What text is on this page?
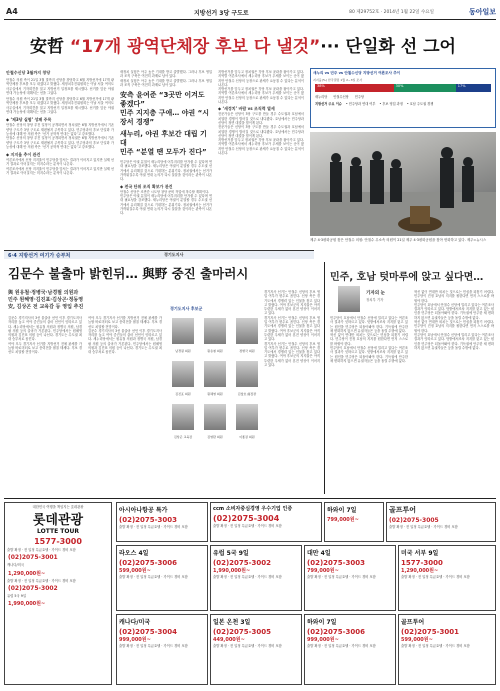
A4	지방선거 3당 구도로	80 제29752호 · 2014년 1월 22일 수요일	동아일보
安哲 “17개 광역단체장 후보 다 낼것”··· 단일화 선 그어
안철수신당 3월까지 창당
안철수 의원 측이 21일 3월 말까지 신당을 창당하고 6월 지방선거에 17개 광역단체장 후보를 모두 내겠다고 밝혔다. 새정치추진위원회는 이날 서울 여의도 사무실에서 기자회견을 열고 지방선거 일정표를 제시했다. 선거를 앞둔 야권 연대 가능성에 대해서는 선을 그었다.
안철수 의원 측이 21일 3월 말까지 신당을 창당하고 6월 지방선거에 17개 광역단체장 후보를 모두 내겠다고 밝혔다. 새정치추진위원회는 이날 서울 여의도 사무실에서 기자회견을 열고 지방선거 일정표를 제시했다. 선거를 앞둔 야권 연대 가능성에 대해서는 선을 그었다.
◆ ‘제3당 실험’ 성패 주목
안철수 신당의 창당 추진 일정이 공개되면서 정치권은 6월 지방선거에서 기존 양당 구도가 3당 구도로 재편될지 주목하고 있다. 민주당과의 후보 단일화 가능성에 대해 안 의원 측은 ‘선거 공학적 연대는 없다’고 강조했다.
안철수 신당의 창당 추진 일정이 공개되면서 정치권은 6월 지방선거에서 기존 양당 구도가 3당 구도로 재편될지 주목하고 있다. 민주당과의 후보 단일화 가능성에 대해 안 의원 측은 ‘선거 공학적 연대는 없다’고 강조했다.
◆ 지지율 추이 관건
여론조사에서 신당 지지율이 민주당을 앞서는 결과가 이어지고 있지만 실제 선거 결과로 이어질지는 미지수라는 분석이 나온다.
여론조사에서 신당 지지율이 민주당을 앞서는 결과가 이어지고 있지만 실제 선거 결과로 이어질지는 미지수라는 분석이 나온다.
새정치 실험은 아주 높은 기대를 받고 출발했다. 그러나 후보 영입과 조직 구축은 여전히 과제로 남아 있다.
새정치 실험은 아주 높은 기대를 받고 출발했다. 그러나 후보 영입과 조직 구축은 여전히 과제로 남아 있다.
安측 윤여준 “3곳만 이겨도 좋겠다”
민주 지지층 구애… 야권 “시장서 경쟁”
새누리, 야권 후보간 대립 기대
민주 “분열 땐 모두가 진다”
민주당은 야권 분열이 새누리당에 어부지리를 안겨줄 수 있다며 연대 필요성을 강조했다. 새누리당은 야권이 분열할 경우 수도권 선거에서 유리해질 것으로 기대하는 분위기다. 정치권에서는 선거가 가까워질수록 야권 연대 논의가 다시 불붙을 것이라는 관측이 나온다.
◆ 전국 단위 조직 확보가 관건
안철수 신당은 조만간 시도당 창당 준비 작업에 착수할 계획이다.
민주당은 야권 분열이 새누리당에 어부지리를 안겨줄 수 있다며 연대 필요성을 강조했다. 새누리당은 야권이 분열할 경우 수도권 선거에서 유리해질 것으로 기대하는 분위기다. 정치권에서는 선거가 가까워질수록 야권 연대 논의가 다시 불붙을 것이라는 관측이 나온다.
지방선거를 앞두고 정치권은 각당 후보 윤곽을 잡아가고 있다. 지역별 여론조사에서 새누리당 후보가 우세를 보이는 곳이 많지만 안철수 신당의 등장으로 판세가 요동칠 수 있다는 분석이 나온다.
지방선거를 앞두고 정치권은 각당 후보 윤곽을 잡아가고 있다. 지역별 여론조사에서 새누리당 후보가 우세를 보이는 곳이 많지만 안철수 신당의 등장으로 판세가 요동칠 수 있다는 분석이 나온다.
◆ ‘새정치’ 바람 vs 조직력 열세
전문가들은 신당이 3당 구도를 만들 경우 수도권과 호남에서 치열한 경쟁이 벌어질 것으로 내다봤다. 호남에서는 민주당과 신당이 정면 대결을 벌이게 된다.
전문가들은 신당이 3당 구도를 만들 경우 수도권과 호남에서 치열한 경쟁이 벌어질 것으로 내다봤다. 호남에서는 민주당과 신당이 정면 대결을 벌이게 된다.
지방선거를 앞두고 정치권은 각당 후보 윤곽을 잡아가고 있다. 지역별 여론조사에서 새누리당 후보가 우세를 보이는 곳이 많지만 안철수 신당의 등장으로 판세가 요동칠 수 있다는 분석이 나온다.
새누리 vs 민주 vs 안철수신당 지방선거 여론조사 추이
지지율(%) 한국갤럽 1월 2~3일 조사
38%	30%	17%
새누리당 안철수신당 민주당
지방선거 주요 이슈 • 민주당과 연대 여부 • 후보 영입 과정 • 호남 주도권 경쟁
제주 4·3평화공원 찾은 안철수 의원: 안철수 무소속 의원이 21일 제주 4·3평화공원을 찾아 헌화하고 있다. 제주=뉴시스
6·4 지방선거 여기가 승부처	경기도지사
김문수 불출마 밝힌뒤… 與野 중진 출마러시
與 원유철·정병국·남경필 의원과
민주 원혜영·김진표·김상곤·정동영
安, 김상곤 전 교육감 등 영입 추진
김문수 경기지사의 3선 불출마 선언 이후 경기도지사 자리를 놓고 여야 중진들의 출마 선언이 잇따르고 있다. 새누리당에서는 원유철 의원과 정병국 의원, 남경필 의원 등의 출마가 거론된다. 민주당에서는 원혜영 의원과 김진표 의원 등이 나선다. 경기도는 수도권 최대 승부처로 꼽힌다.
여야 모두 경기지사 선거를 지방선거 전체 판세를 가늠할 바로미터로 보고 총력전을 펼칠 태세다. 후보 경선도 치열할 전망이다.
여야 모두 경기지사 선거를 지방선거 전체 판세를 가늠할 바로미터로 보고 총력전을 펼칠 태세다. 후보 경선도 치열할 전망이다.
김문수 경기지사의 3선 불출마 선언 이후 경기도지사 자리를 놓고 여야 중진들의 출마 선언이 잇따르고 있다. 새누리당에서는 원유철 의원과 정병국 의원, 남경필 의원 등의 출마가 거론된다. 민주당에서는 원혜영 의원과 김진표 의원 등이 나선다. 경기도는 수도권 최대 승부처로 꼽힌다.
경기도지사 후보군
남경필 의원	원유철 의원	정병국 의원
김진표 의원	원혜영 의원	김창호 前장관
김상곤 교육감	김영환 의원	이종걸 의원
경기지사 선거는 안철수 신당의 후보 영입 여부가 변수로 꼽힌다. 신당 측은 경기도에서 경쟁력 있는 인물을 찾고 있다고 밝혔다. 여야 후보군의 지지율은 아직 뚜렷한 우세가 없어 혼전 양상이 이어지고 있다.
경기지사 선거는 안철수 신당의 후보 영입 여부가 변수로 꼽힌다. 신당 측은 경기도에서 경쟁력 있는 인물을 찾고 있다고 밝혔다. 여야 후보군의 지지율은 아직 뚜렷한 우세가 없어 혼전 양상이 이어지고 있다.
경기지사 선거는 안철수 신당의 후보 영입 여부가 변수로 꼽힌다. 신당 측은 경기도에서 경쟁력 있는 인물을 찾고 있다고 밝혔다. 여야 후보군의 지지율은 아직 뚜렷한 우세가 없어 혼전 양상이 이어지고 있다.
민주, 호남 텃마루에 앉고 싶다면…
기자의 눈
정치부 기자
민주당이 호남에서 안철수 신당에 밀리고 있다는 여론조사 결과가 잇따르고 있다. 텃밭에서조차 지지를 잃고 있는 원인을 민주당은 되돌아봐야 한다. 기득권에 안주한 채 변화하지 않으면 유권자들은 등을 돌릴 수밖에 없다.
혁신 없이 연대만 외치는 것으로는 민심을 되찾기 어렵다. 민주당이 진정 호남의 지지를 원한다면 먼저 스스로를 바꿔야 한다.
민주당이 호남에서 안철수 신당에 밀리고 있다는 여론조사 결과가 잇따르고 있다. 텃밭에서조차 지지를 잃고 있는 원인을 민주당은 되돌아봐야 한다. 기득권에 안주한 채 변화하지 않으면 유권자들은 등을 돌릴 수밖에 없다.
혁신 없이 연대만 외치는 것으로는 민심을 되찾기 어렵다. 민주당이 진정 호남의 지지를 원한다면 먼저 스스로를 바꿔야 한다.
민주당이 호남에서 안철수 신당에 밀리고 있다는 여론조사 결과가 잇따르고 있다. 텃밭에서조차 지지를 잃고 있는 원인을 민주당은 되돌아봐야 한다. 기득권에 안주한 채 변화하지 않으면 유권자들은 등을 돌릴 수밖에 없다.
혁신 없이 연대만 외치는 것으로는 민심을 되찾기 어렵다. 민주당이 진정 호남의 지지를 원한다면 먼저 스스로를 바꿔야 한다.
민주당이 호남에서 안철수 신당에 밀리고 있다는 여론조사 결과가 잇따르고 있다. 텃밭에서조차 지지를 잃고 있는 원인을 민주당은 되돌아봐야 한다. 기득권에 안주한 채 변화하지 않으면 유권자들은 등을 돌릴 수밖에 없다.
대한민국 여행을 책임지는 롯데관광
롯데관광
LOTTE TOUR
1577-3000
출발 확정 · 전 일정 특급호텔 · 가이드 경비 포함
(02)2075-3001
캐나다/미국
1,290,000원~
출발 확정 · 전 일정 특급호텔 · 가이드 경비 포함
(02)2075-3002
유럽 5국 9일
1,990,000원~
아시아나항공 특가
(02)2075-3003
출발 확정 · 전 일정 특급호텔 · 가이드 경비 포함
ccm 소비자중심경영 우수기업 인증
(02)2075-3004
출발 확정 · 전 일정 특급호텔 · 가이드 경비 포함
하와이 7일
799,000원~
골프투어
(02)2075-3005
출발 확정 · 전 일정 특급호텔 · 가이드 경비 포함
라오스 4일
(02)2075-3006
599,000원~
출발 확정 · 전 일정 특급호텔 · 가이드 경비 포함
유럽 5국 9일
(02)2075-3002
1,990,000원~
출발 확정 · 전 일정 특급호텔 · 가이드 경비 포함
대만 4일
(02)2075-3003
799,000원~
출발 확정 · 전 일정 특급호텔 · 가이드 경비 포함
미국 서부 9일
1577-3000
1,290,000원~
출발 확정 · 전 일정 특급호텔 · 가이드 경비 포함
캐나다/미국
(02)2075-3004
999,000원~
출발 확정 · 전 일정 특급호텔 · 가이드 경비 포함
일본 온천 3일
(02)2075-3005
449,000원~
출발 확정 · 전 일정 특급호텔 · 가이드 경비 포함
하와이 7일
(02)2075-3006
999,000원~
출발 확정 · 전 일정 특급호텔 · 가이드 경비 포함
골프투어
(02)2075-3001
599,000원~
출발 확정 · 전 일정 특급호텔 · 가이드 경비 포함
